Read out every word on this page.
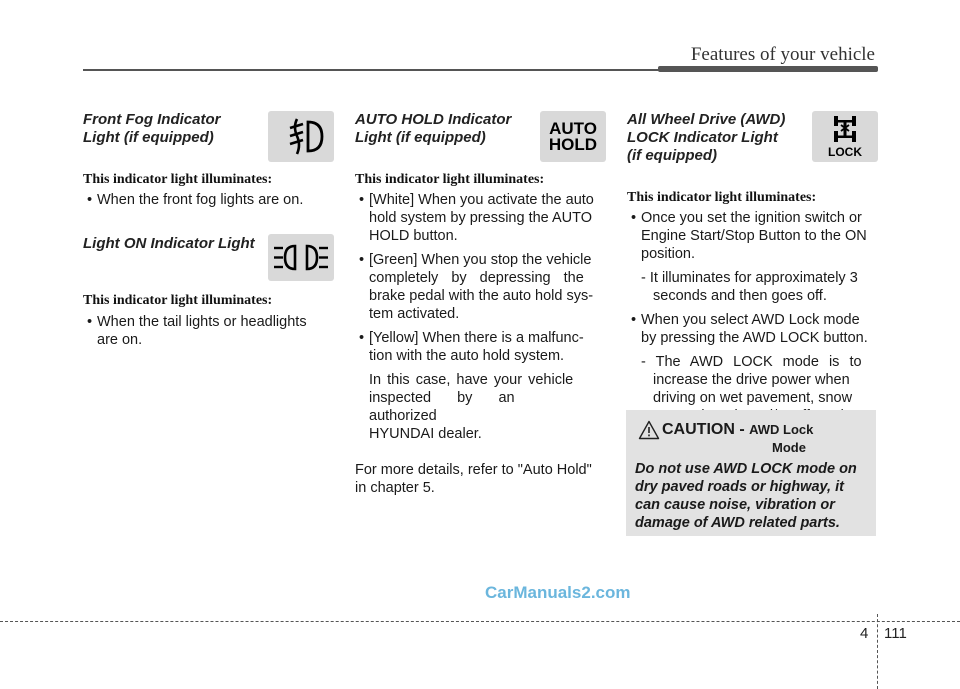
Features of your vehicle
Front Fog Indicator
Light (if equipped)
This indicator light illuminates:
• When the front fog lights are on.
Light ON Indicator Light
This indicator light illuminates:
• When the tail lights or headlights
are on.
AUTO HOLD Indicator
Light (if equipped)	AUTO
HOLD
This indicator light illuminates:
• [White] When you activate the auto
hold system by pressing the AUTO
HOLD button.
• [Green] When you stop the vehicle
completely by depressing the
brake pedal with the auto hold sys-
tem activated.
• [Yellow] When there is a malfunc-
tion with the auto hold system.
In this case, have your vehicle
inspected by an authorized
HYUNDAI dealer.
For more details, refer to "Auto Hold"
in chapter 5.
All Wheel Drive (AWD)
LOCK Indicator Light
(if equipped)	LOCK
This indicator light illuminates:
• Once you set the ignition switch or
Engine Start/Stop Button to the ON
position.
- It illuminates for approximately 3
seconds and then goes off.
• When you select AWD Lock mode
by pressing the AWD LOCK button.
- The AWD LOCK mode is to
increase the drive power when
driving on wet pavement, snow
CAUTION - AWD Lock
Mode
Do not use AWD LOCK mode on
dry paved roads or highway, it
can cause noise, vibration or
damage of AWD related parts.
CarManuals2.com
4 111
